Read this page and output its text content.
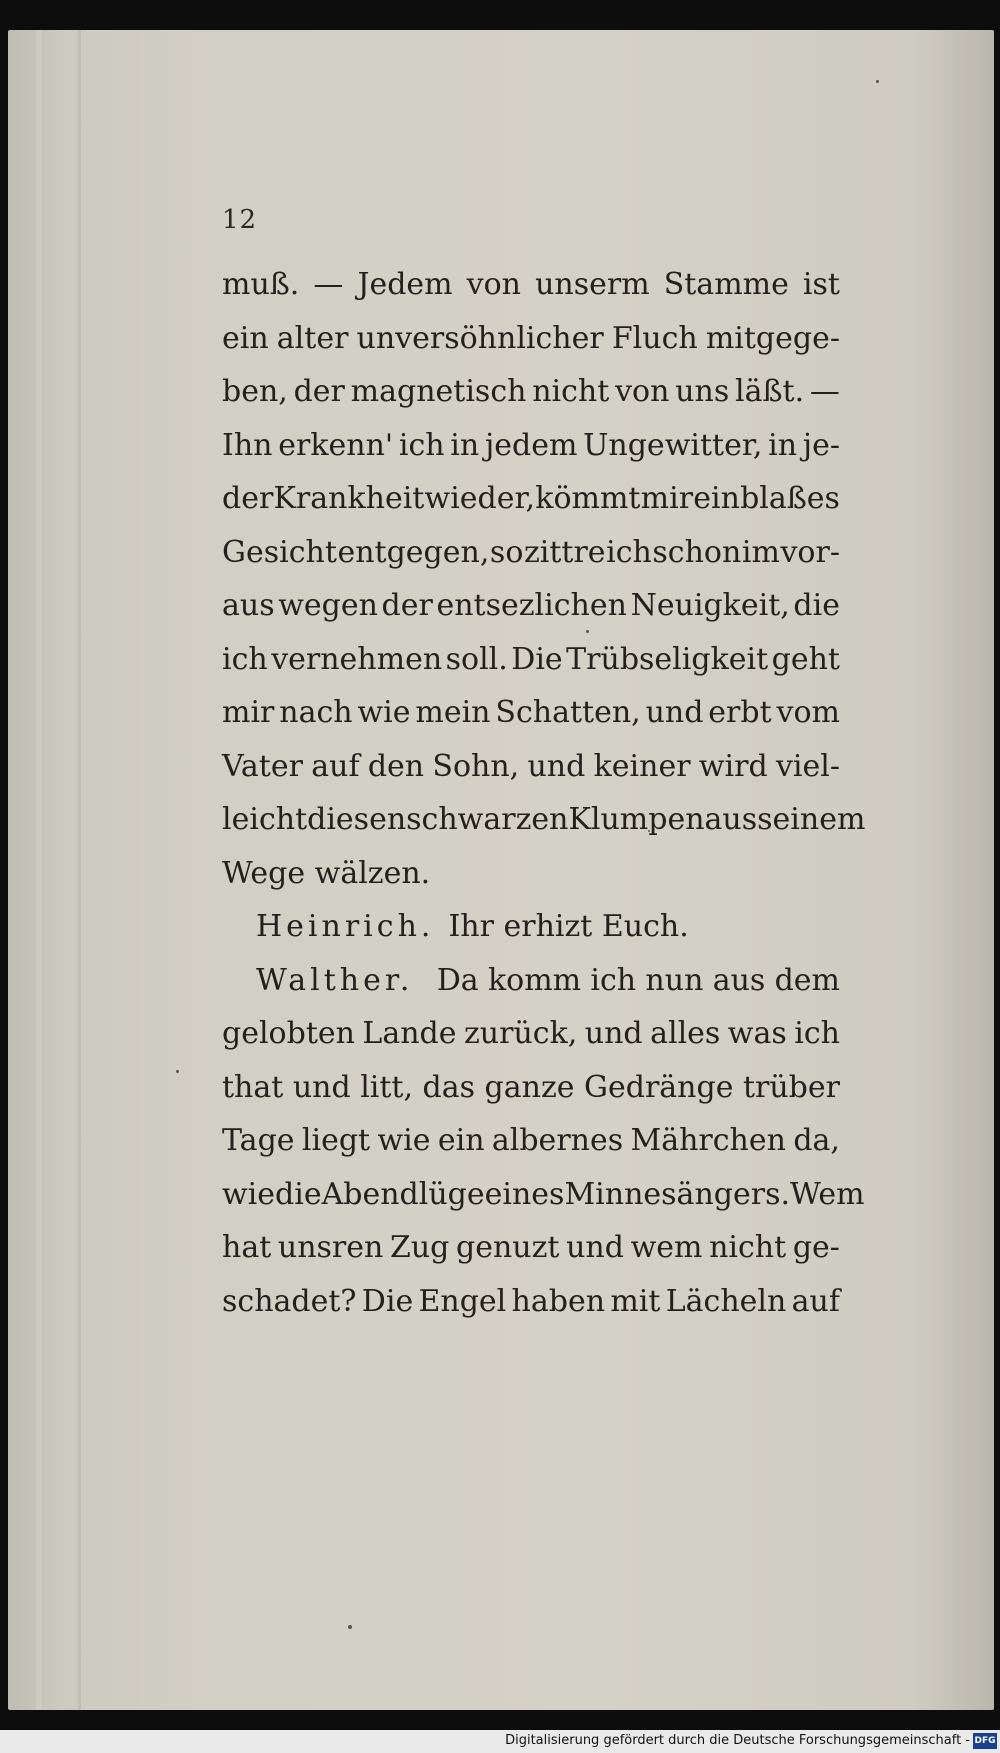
12
muß. — Jedem von unserm Stamme ist
ein alter unversöhnlicher Fluch mitgege-
ben, der magnetisch nicht von uns läßt. —
Ihn erkenn' ich in jedem Ungewitter, in je-
der Krankheit wieder, kömmt mir ein blaßes
Gesicht entgegen, so zittre ich schon im vor-
aus wegen der entsezlichen Neuigkeit, die
ich vernehmen soll. Die Trübseligkeit geht
mir nach wie mein Schatten, und erbt vom
Vater auf den Sohn, und keiner wird viel-
leicht diesen schwarzen Klumpen aus seinem
Wege wälzen.
Heinrich. Ihr erhizt Euch.
Walther. Da komm ich nun aus dem
gelobten Lande zurück, und alles was ich
that und litt, das ganze Gedränge trüber
Tage liegt wie ein albernes Mährchen da,
wie die Abendlüge eines Minnesängers. Wem
hat unsren Zug genuzt und wem nicht ge-
schadet? Die Engel haben mit Lächeln auf
Digitalisierung gefördert durch die Deutsche Forschungsgemeinschaft - DFG
